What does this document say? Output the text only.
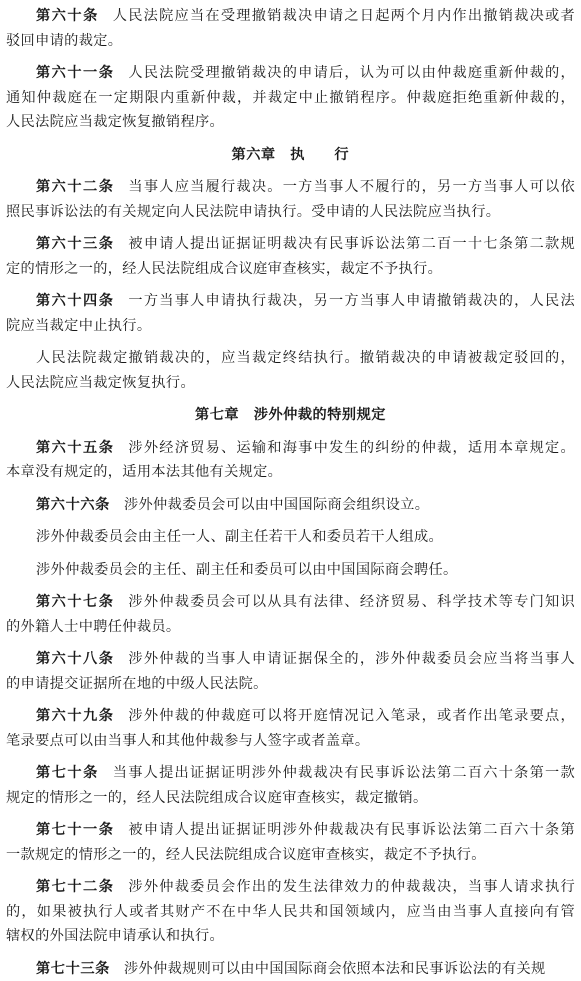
第六十条 人民法院应当在受理撤销裁决申请之日起两个月内作出撤销裁决或者
驳回申请的裁定。
第六十一条 人民法院受理撤销裁决的申请后，认为可以由仲裁庭重新仲裁的，
通知仲裁庭在一定期限内重新仲裁，并裁定中止撤销程序。仲裁庭拒绝重新仲裁的，
人民法院应当裁定恢复撤销程序。
第六章　执　　行
第六十二条 当事人应当履行裁决。一方当事人不履行的，另一方当事人可以依
照民事诉讼法的有关规定向人民法院申请执行。受申请的人民法院应当执行。
第六十三条 被申请人提出证据证明裁决有民事诉讼法第二百一十七条第二款规
定的情形之一的，经人民法院组成合议庭审查核实，裁定不予执行。
第六十四条 一方当事人申请执行裁决，另一方当事人申请撤销裁决的，人民法
院应当裁定中止执行。
人民法院裁定撤销裁决的，应当裁定终结执行。撤销裁决的申请被裁定驳回的，
人民法院应当裁定恢复执行。
第七章　涉外仲裁的特别规定
第六十五条 涉外经济贸易、运输和海事中发生的纠纷的仲裁，适用本章规定。
本章没有规定的，适用本法其他有关规定。
第六十六条 涉外仲裁委员会可以由中国国际商会组织设立。
涉外仲裁委员会由主任一人、副主任若干人和委员若干人组成。
涉外仲裁委员会的主任、副主任和委员可以由中国国际商会聘任。
第六十七条 涉外仲裁委员会可以从具有法律、经济贸易、科学技术等专门知识
的外籍人士中聘任仲裁员。
第六十八条 涉外仲裁的当事人申请证据保全的，涉外仲裁委员会应当将当事人
的申请提交证据所在地的中级人民法院。
第六十九条 涉外仲裁的仲裁庭可以将开庭情况记入笔录，或者作出笔录要点，
笔录要点可以由当事人和其他仲裁参与人签字或者盖章。
第七十条 当事人提出证据证明涉外仲裁裁决有民事诉讼法第二百六十条第一款
规定的情形之一的，经人民法院组成合议庭审查核实，裁定撤销。
第七十一条 被申请人提出证据证明涉外仲裁裁决有民事诉讼法第二百六十条第
一款规定的情形之一的，经人民法院组成合议庭审查核实，裁定不予执行。
第七十二条 涉外仲裁委员会作出的发生法律效力的仲裁裁决，当事人请求执行
的，如果被执行人或者其财产不在中华人民共和国领域内，应当由当事人直接向有管
辖权的外国法院申请承认和执行。
第七十三条 涉外仲裁规则可以由中国国际商会依照本法和民事诉讼法的有关规
